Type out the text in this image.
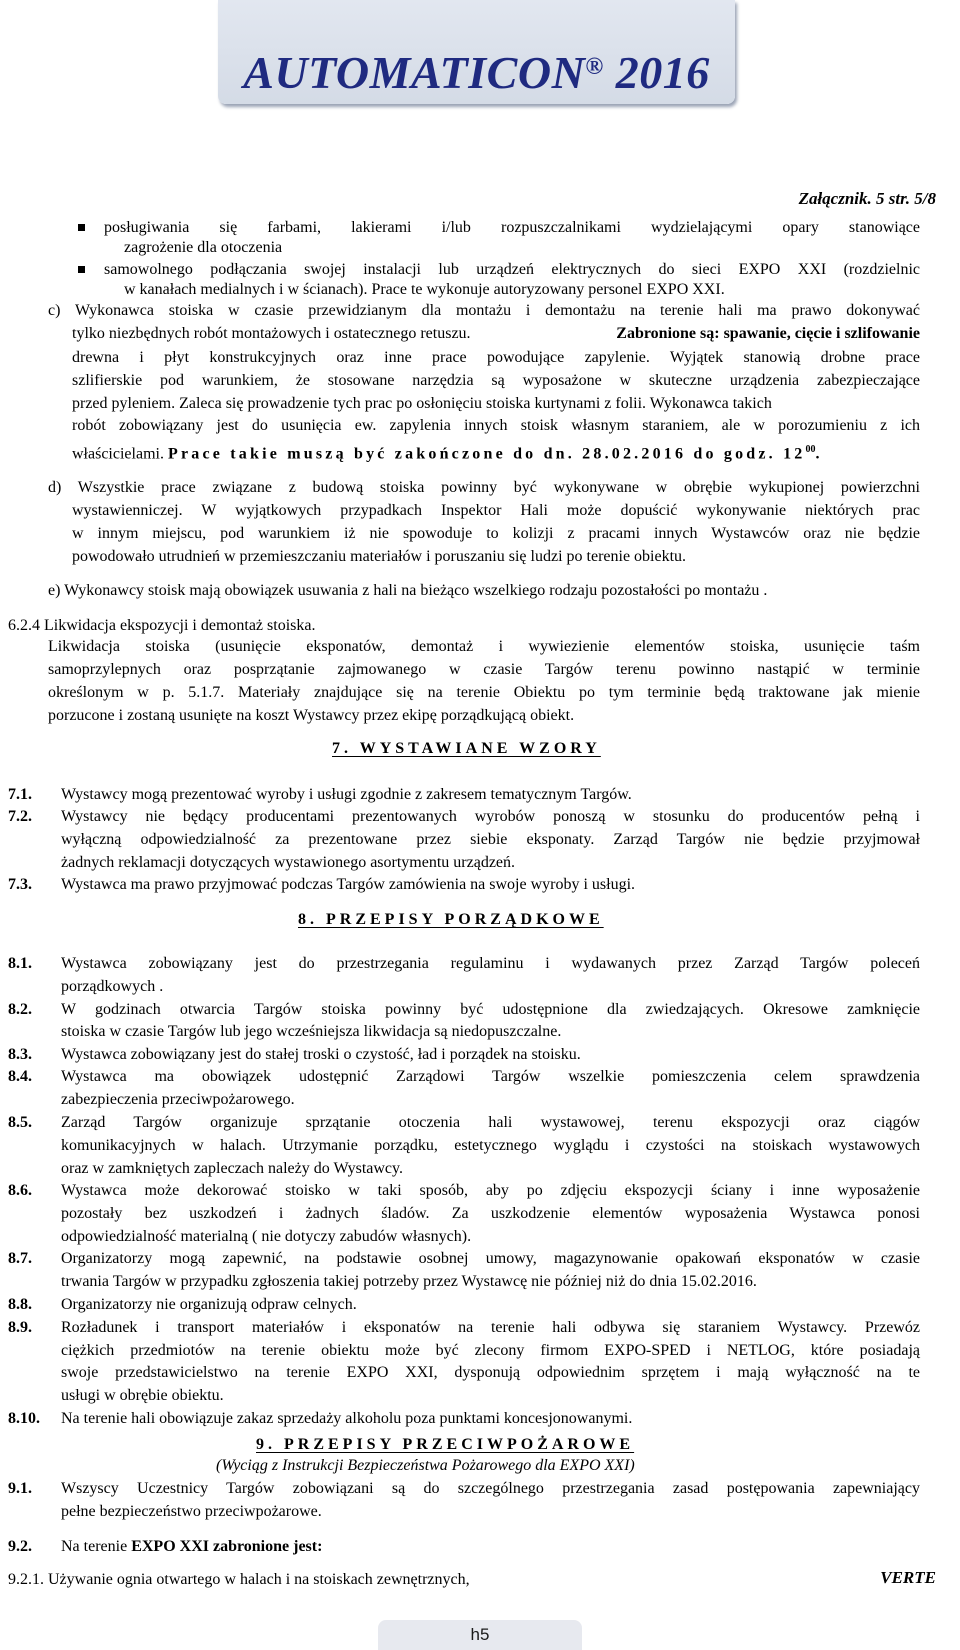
AUTOMATICON® 2016
Załącznik. 5 str. 5/8
posługiwania się farbami, lakierami i/lub rozpuszczalnikami wydzielającymi opary stanowiące
zagrożenie dla otoczenia
samowolnego podłączania swojej instalacji lub urządzeń elektrycznych do sieci EXPO XXI (rozdzielnic
w kanałach medialnych i w ścianach). Prace te wykonuje autoryzowany personel EXPO XXI.
c) Wykonawca stoiska w czasie przewidzianym dla montażu i demontażu na terenie hali ma prawo dokonywać
tylko niezbędnych robót montażowych i ostatecznego retuszu.	Zabronione są: spawanie, cięcie i szlifowanie
drewna i płyt konstrukcyjnych oraz inne prace powodujące zapylenie. Wyjątek stanowią drobne prace
szlifierskie pod warunkiem, że stosowane narzędzia są wyposażone w skuteczne urządzenia zabezpieczające
przed pyleniem. Zaleca się prowadzenie tych prac po osłonięciu stoiska kurtynami z folii. Wykonawca takich
robót zobowiązany jest do usunięcia ew. zapylenia innych stoisk własnym staraniem, ale w porozumieniu z ich
właścicielami. Prace takie muszą być zakończone do dn. 28.02.2016 do godz. $12^{00}$.
d) Wszystkie prace związane z budową stoiska powinny być wykonywane w obrębie wykupionej powierzchni
wystawienniczej. W wyjątkowych przypadkach Inspektor Hali może dopuścić wykonywanie niektórych prac
w innym miejscu, pod warunkiem iż nie spowoduje to kolizji z pracami innych Wystawców oraz nie będzie
powodowało utrudnień w przemieszczaniu materiałów i poruszaniu się ludzi po terenie obiektu.
e) Wykonawcy stoisk mają obowiązek usuwania z hali na bieżąco wszelkiego rodzaju pozostałości po montażu .
6.2.4 Likwidacja ekspozycji i demontaż stoiska.
Likwidacja stoiska (usunięcie eksponatów, demontaż i wywiezienie elementów stoiska, usunięcie taśm
samoprzylepnych oraz posprzątanie zajmowanego w czasie Targów terenu powinno nastąpić w terminie
określonym w p. 5.1.7. Materiały znajdujące się na terenie Obiektu po tym terminie będą traktowane jak mienie
porzucone i zostaną usunięte na koszt Wystawcy przez ekipę porządkującą obiekt.
7. WYSTAWIANE WZORY
7.1. Wystawcy mogą prezentować wyroby i usługi zgodnie z zakresem tematycznym Targów.
7.2. Wystawcy nie będący producentami prezentowanych wyrobów ponoszą w stosunku do producentów pełną i
wyłączną odpowiedzialność za prezentowane przez siebie eksponaty. Zarząd Targów nie będzie przyjmował
żadnych reklamacji dotyczących wystawionego asortymentu urządzeń.
7.3. Wystawca ma prawo przyjmować podczas Targów zamówienia na swoje wyroby i usługi.
8. PRZEPISY PORZĄDKOWE
8.1. Wystawca zobowiązany jest do przestrzegania regulaminu i wydawanych przez Zarząd Targów poleceń
porządkowych .
8.2. W godzinach otwarcia Targów stoiska powinny być udostępnione dla zwiedzających. Okresowe zamknięcie
stoiska w czasie Targów lub jego wcześniejsza likwidacja są niedopuszczalne.
8.3. Wystawca zobowiązany jest do stałej troski o czystość, ład i porządek na stoisku.
8.4. Wystawca ma obowiązek udostępnić Zarządowi Targów wszelkie pomieszczenia celem sprawdzenia
zabezpieczenia przeciwpożarowego.
8.5. Zarząd Targów organizuje sprzątanie otoczenia hali wystawowej, terenu ekspozycji oraz ciągów
komunikacyjnych w halach. Utrzymanie porządku, estetycznego wyglądu i czystości na stoiskach wystawowych
oraz w zamkniętych zapleczach należy do Wystawcy.
8.6. Wystawca może dekorować stoisko w taki sposób, aby po zdjęciu ekspozycji ściany i inne wyposażenie
pozostały bez uszkodzeń i żadnych śladów. Za uszkodzenie elementów wyposażenia Wystawca ponosi
odpowiedzialność materialną ( nie dotyczy zabudów własnych).
8.7. Organizatorzy mogą zapewnić, na podstawie osobnej umowy, magazynowanie opakowań eksponatów w czasie
trwania Targów w przypadku zgłoszenia takiej potrzeby przez Wystawcę nie później niż do dnia 15.02.2016.
8.8. Organizatorzy nie organizują odpraw celnych.
8.9. Rozładunek i transport materiałów i eksponatów na terenie hali odbywa się staraniem Wystawcy. Przewóz
ciężkich przedmiotów na terenie obiektu może być zlecony firmom EXPO-SPED i NETLOG, które posiadają
swoje przedstawicielstwo na terenie EXPO XXI, dysponują odpowiednim sprzętem i mają wyłączność na te
usługi w obrębie obiektu.
8.10. Na terenie hali obowiązuje zakaz sprzedaży alkoholu poza punktami koncesjonowanymi.
9. PRZEPISY PRZECIWPOŻAROWE
(Wyciąg z Instrukcji Bezpieczeństwa Pożarowego dla EXPO XXI)
9.1. Wszyscy Uczestnicy Targów zobowiązani są do szczególnego przestrzegania zasad postępowania zapewniający
pełne bezpieczeństwo przeciwpożarowe.
9.2. Na terenie EXPO XXI zabronione jest:
9.2.1. Używanie ognia otwartego w halach i na stoiskach zewnętrznych,	VERTE
h5
